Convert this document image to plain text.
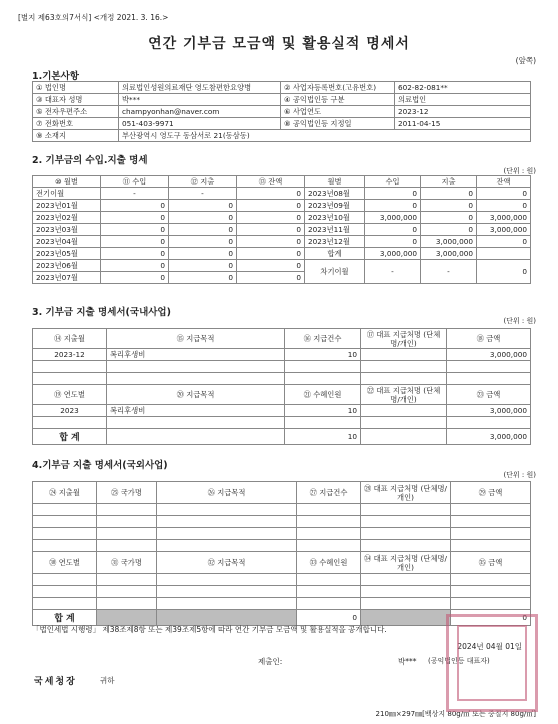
[별지 제63호의7서식] <개정 2021. 3. 16.>
연간 기부금 모금액 및 활용실적 명세서
(앞쪽)
1.기본사항
① 법인명	의료법인성원의료재단 영도참편한요양병	② 사업자등록번호(고유번호)	602-82-081**
③ 대표자 성명	박***	④ 공익법인등 구분	의료법인
⑤ 전자우편주소	champyonhan@naver.com	⑥ 사업연도	2023-12
⑦ 전화번호	051-403-9971	⑧ 공익법인등 지정일	2011-04-15
⑨ 소재지	부산광역시 영도구 동삼서로 21(동삼동)		
2. 기부금의 수입.지출 명세
(단위 : 원)
⑩ 월별	⑪ 수입	⑫ 지출	⑬ 잔액	월별	수입	지출	잔액
전기이월	-	-	0	2023년08월	0	0	0
2023년01월	0	0	0	2023년09월	0	0	0
2023년02월	0	0	0	2023년10월	3,000,000	0	3,000,000
2023년03월	0	0	0	2023년11월	0	0	3,000,000
2023년04월	0	0	0	2023년12월	0	3,000,000	0
2023년05월	0	0	0	합계	3,000,000	3,000,000	
2023년06월	0	0	0	차기이월	-	-	0
2023년07월	0	0	0				
3. 기부금 지출 명세서(국내사업)
(단위 : 원)
⑭ 지출월	⑮ 지급목적	⑯ 지급건수	⑰ 대표 지급처명 (단체명/개인)	⑱ 금액
2023-12	복리후생비	10		3,000,000

⑲ 연도별	⑳ 지급목적	㉑ 수혜인원	㉒ 대표 지급처명 (단체명/개인)	㉓ 금액
2023	복리후생비	10		3,000,000

합 계		10		3,000,000
4.기부금 지출 명세서(국외사업)
(단위 : 원)
㉔ 지출월	㉕ 국가명	㉖ 지급목적	㉗ 지급건수	㉘ 대표 지급처명 (단체명/개인)	㉙ 금액

㉚ 연도별	㉛ 국가명	㉜ 지급목적	㉝ 수혜인원	㉞ 대표 지급처명 (단체명/개인)	㉟ 금액

합 계			0		0
「법인세법 시행령」 제38조제8항 또는 제39조제5항에 따라 연간 기부금 모금액 및 활용실적을 공개합니다.
2024년 04월 01일
제출인:	박*** (공익법인등 대표자)
국세청장	귀하
210㎜×297㎜[백상지 80g/㎡ 또는 중질지 80g/㎡]
